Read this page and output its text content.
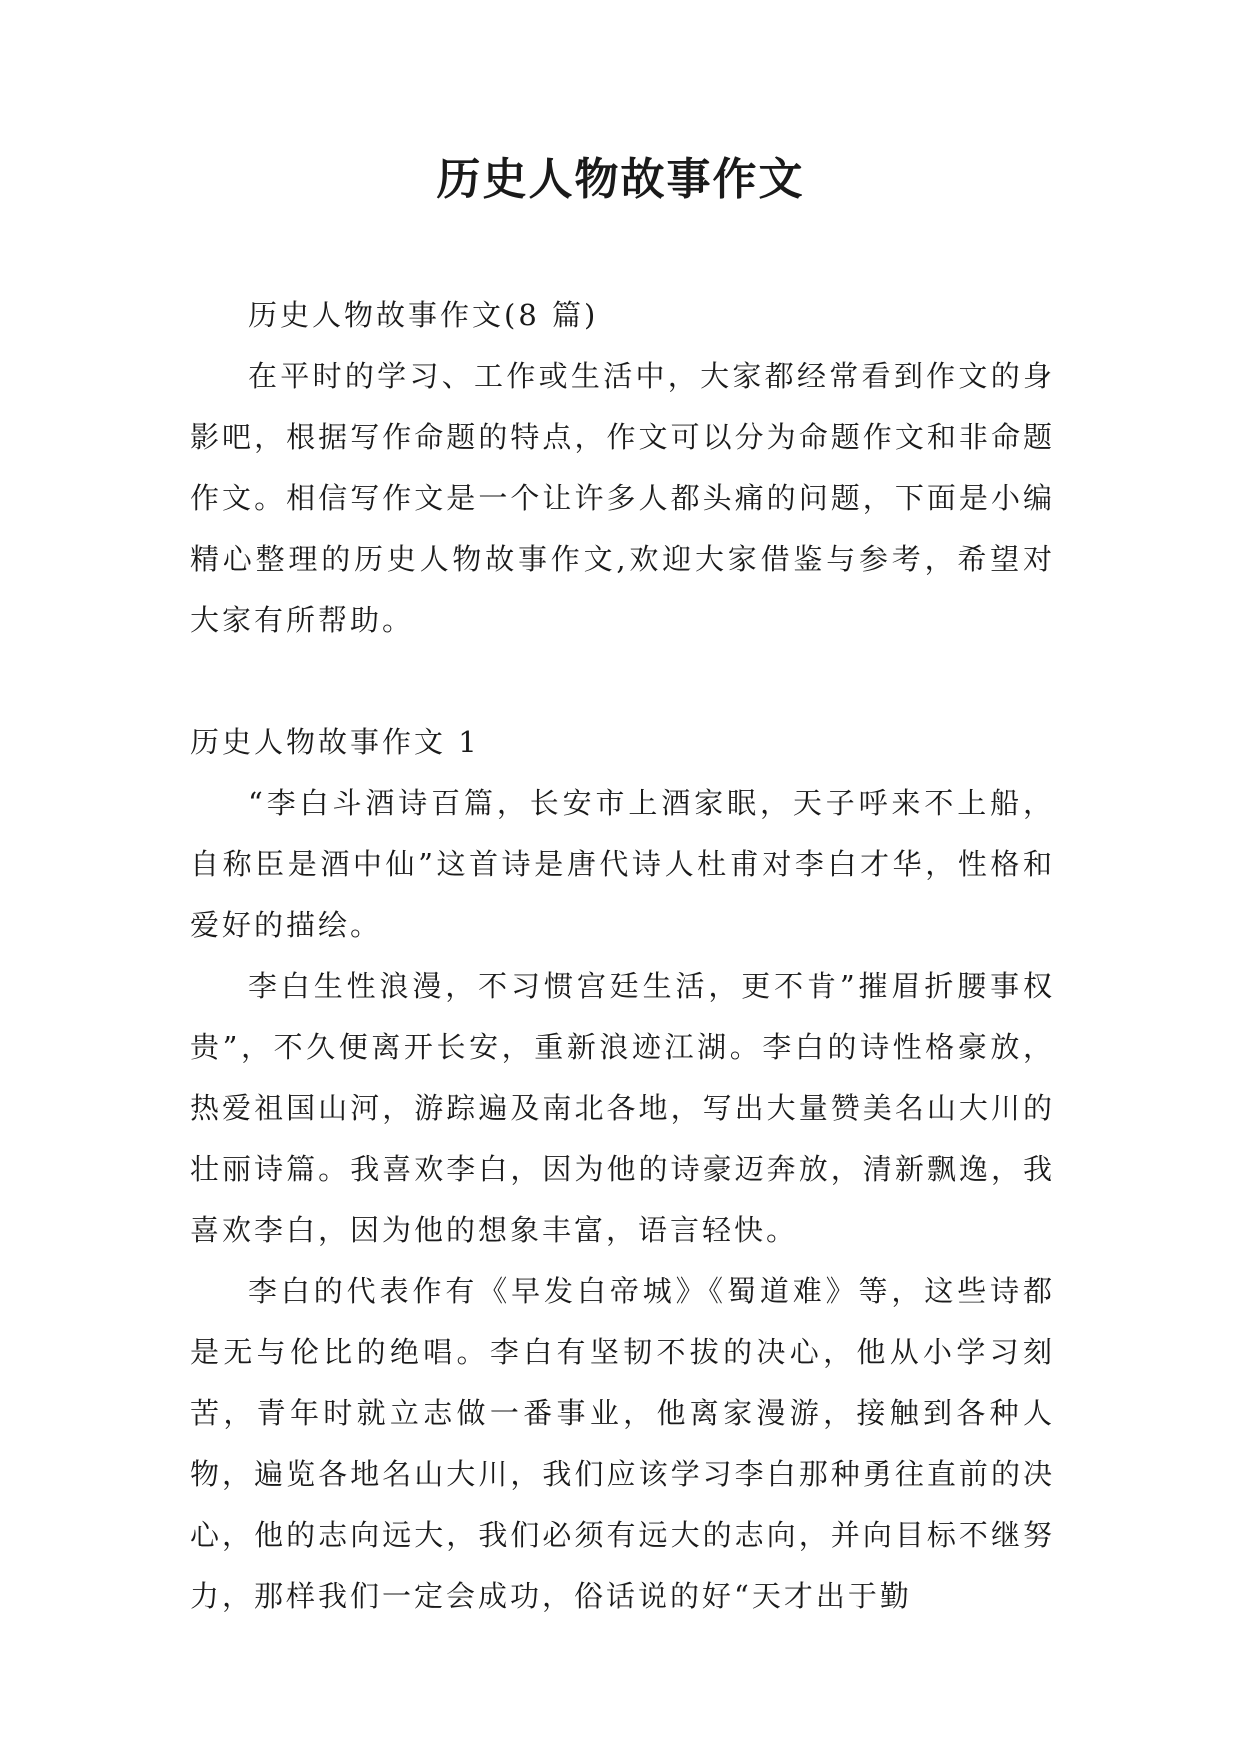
历史人物故事作文

历史人物故事作文(8 篇)

在平时的学习、工作或生活中，大家都经常看到作文的身影吧，根据写作命题的特点，作文可以分为命题作文和非命题作文。相信写作文是一个让许多人都头痛的问题，下面是小编精心整理的历史人物故事作文,欢迎大家借鉴与参考，希望对大家有所帮助。

历史人物故事作文 1

“李白斗酒诗百篇，长安市上酒家眠，天子呼来不上船，自称臣是酒中仙”这首诗是唐代诗人杜甫对李白才华，性格和爱好的描绘。

李白生性浪漫，不习惯宫廷生活，更不肯”摧眉折腰事权贵”，不久便离开长安，重新浪迹江湖。李白的诗性格豪放，热爱祖国山河，游踪遍及南北各地，写出大量赞美名山大川的壮丽诗篇。我喜欢李白，因为他的诗豪迈奔放，清新飘逸，我喜欢李白，因为他的想象丰富，语言轻快。

李白的代表作有《早发白帝城》《蜀道难》等，这些诗都是无与伦比的绝唱。李白有坚韧不拔的决心，他从小学习刻苦，青年时就立志做一番事业，他离家漫游，接触到各种人物，遍览各地名山大川，我们应该学习李白那种勇往直前的决心，他的志向远大，我们必须有远大的志向，并向目标不继努力，那样我们一定会成功，俗话说的好“天才出于勤
